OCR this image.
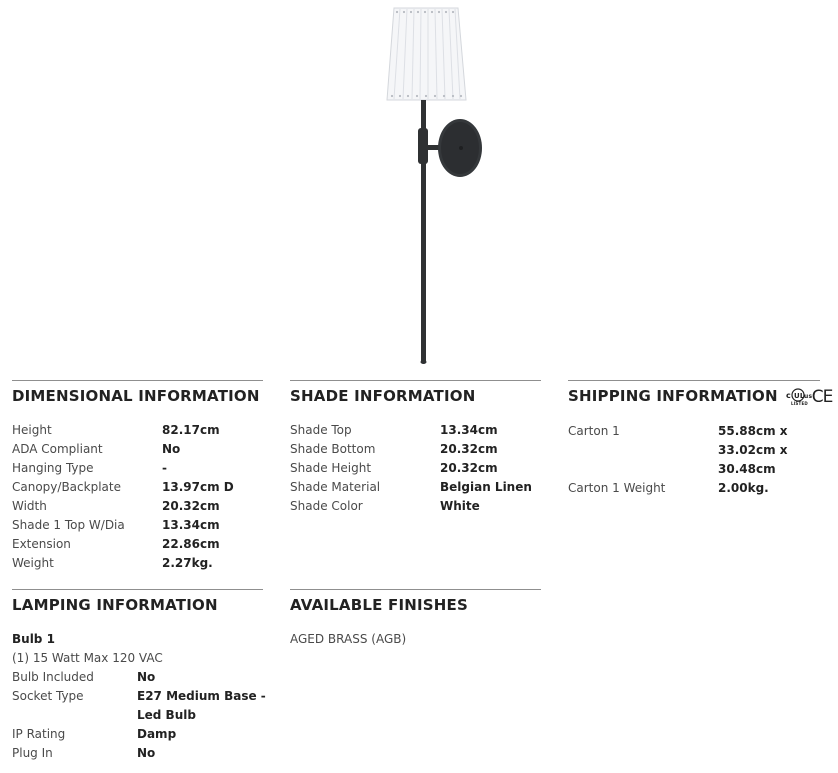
DIMENSIONAL INFORMATION
Height	82.17cm
ADA Compliant	No
Hanging Type	-
Canopy/Backplate	13.97cm D
Width	20.32cm
Shade 1 Top W/Dia	13.34cm
Extension	22.86cm
Weight	2.27kg.
SHADE INFORMATION
Shade Top	13.34cm
Shade Bottom	20.32cm
Shade Height	20.32cm
Shade Material	Belgian Linen
Shade Color	White
SHIPPING INFORMATION c UL us
LISTED CE
Carton 1	55.88cm x 33.02cm x 30.48cm
Carton 1 Weight	2.00kg.
LAMPING INFORMATION
Bulb 1
(1) 15 Watt Max 120 VAC
Bulb Included	No
Socket Type	E27 Medium Base - Led Bulb
IP Rating	Damp
Plug In	No
AVAILABLE FINISHES
AGED BRASS (AGB)
